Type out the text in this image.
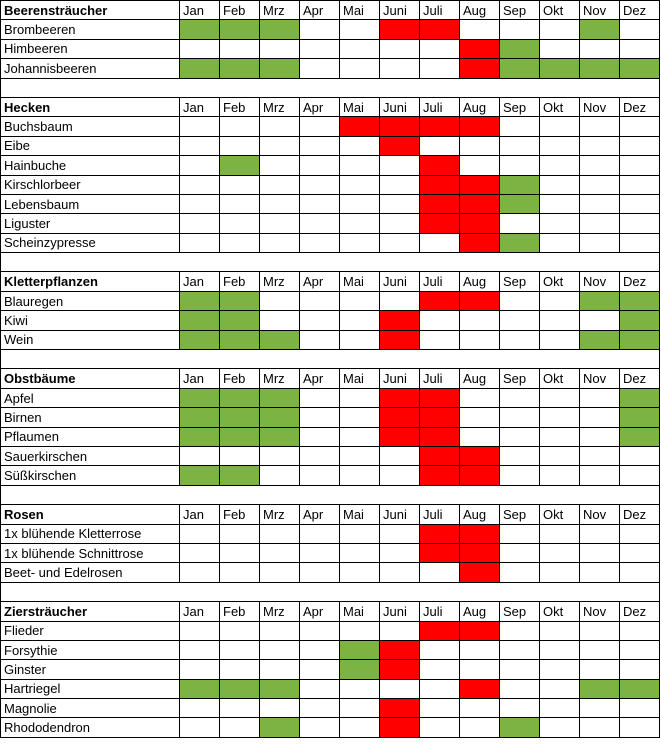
Beerensträucher	Jan	Feb	Mrz	Apr	Mai	Juni	Juli	Aug	Sep	Okt	Nov	Dez
Brombeeren												
Himbeeren												
Johannisbeeren												

Hecken	Jan	Feb	Mrz	Apr	Mai	Juni	Juli	Aug	Sep	Okt	Nov	Dez
Buchsbaum												
Eibe												
Hainbuche												
Kirschlorbeer												
Lebensbaum												
Liguster												
Scheinzypresse												

Kletterpflanzen	Jan	Feb	Mrz	Apr	Mai	Juni	Juli	Aug	Sep	Okt	Nov	Dez
Blauregen												
Kiwi												
Wein												

Obstbäume	Jan	Feb	Mrz	Apr	Mai	Juni	Juli	Aug	Sep	Okt	Nov	Dez
Apfel												
Birnen												
Pflaumen												
Sauerkirschen												
Süßkirschen												

Rosen	Jan	Feb	Mrz	Apr	Mai	Juni	Juli	Aug	Sep	Okt	Nov	Dez
1x blühende Kletterrose												
1x blühende Schnittrose												
Beet- und Edelrosen												

Ziersträucher	Jan	Feb	Mrz	Apr	Mai	Juni	Juli	Aug	Sep	Okt	Nov	Dez
Flieder												
Forsythie												
Ginster												
Hartriegel												
Magnolie												
Rhododendron												
